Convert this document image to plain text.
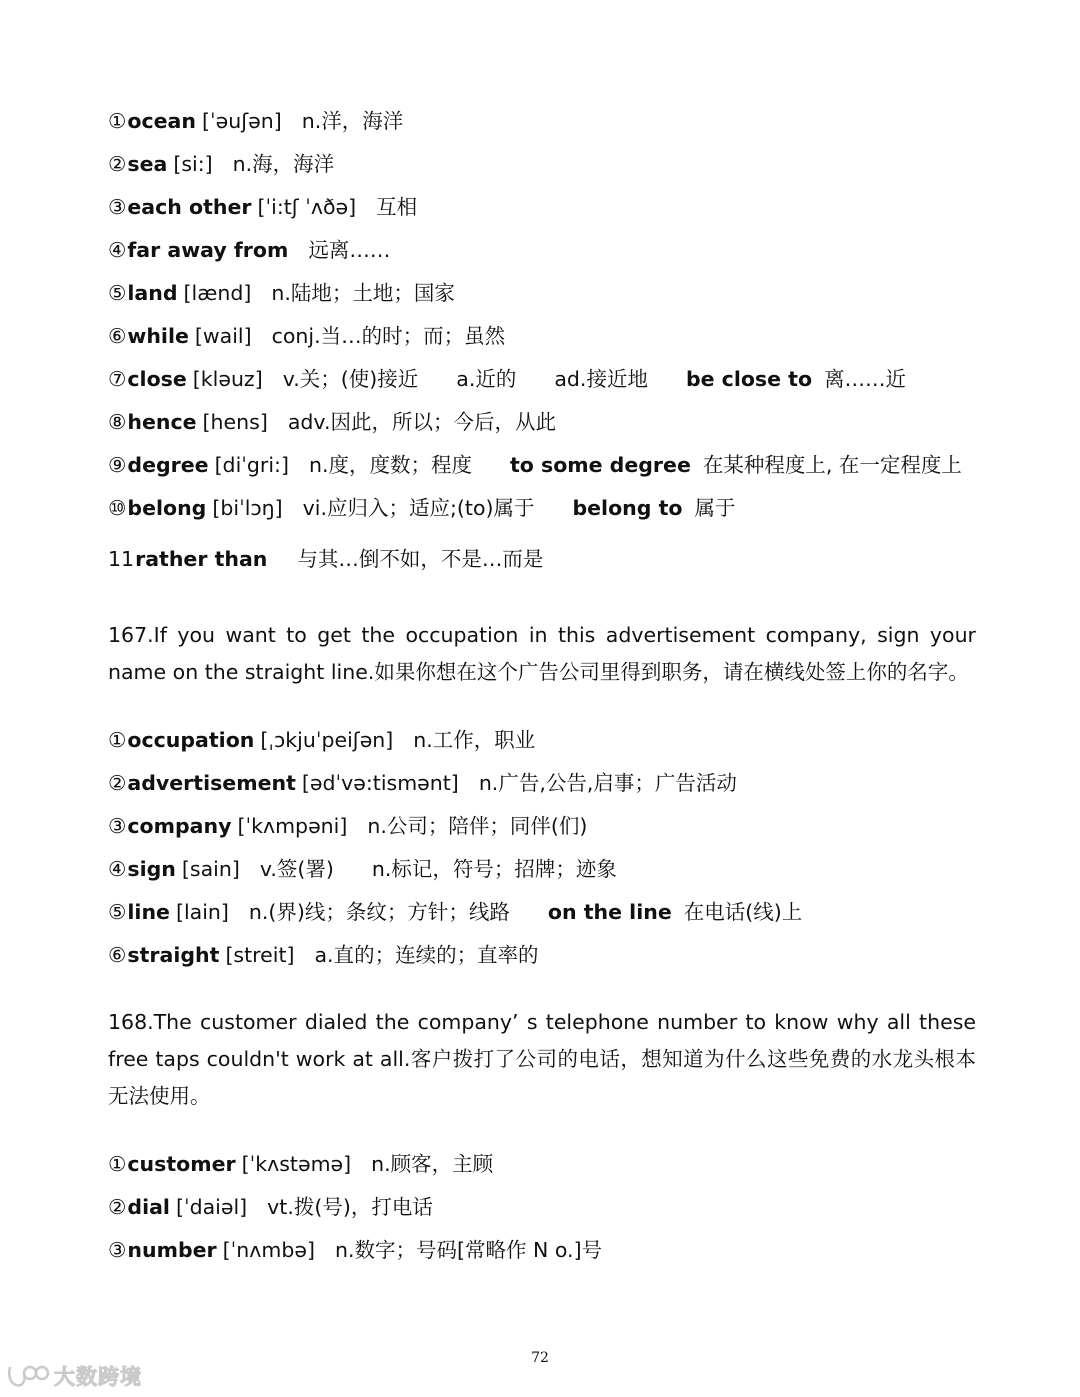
①ocean [ˈəuʃən] n.洋，海洋
②sea [si:] n.海，海洋
③each other [ˈi:tʃ ˈʌðə] 互相
④far away from 远离……
⑤land [lænd] n.陆地；土地；国家
⑥while [wail] conj.当…的时；而；虽然
⑦close [kləuz] v.关；(使)接近 a.近的 ad.接近地 be close to 离……近
⑧hence [hens] adv.因此，所以；今后，从此
⑨degree [diˈgri:] n.度，度数；程度 to some degree 在某种程度上, 在一定程度上
⑩belong [biˈlɔŋ] vi.应归入；适应;(to)属于 belong to 属于
11rather than 与其…倒不如，不是…而是
167.If you want to get the occupation in this advertisement company, sign your name on the straight line.如果你想在这个广告公司里得到职务，请在横线处签上你的名字。
①occupation [ˌɔkjuˈpeiʃən] n.工作，职业
②advertisement [ədˈvə:tismənt] n.广告,公告,启事；广告活动
③company [ˈkʌmpəni] n.公司；陪伴；同伴(们)
④sign [sain] v.签(署) n.标记，符号；招牌；迹象
⑤line [lain] n.(界)线；条纹；方针；线路 on the line 在电话(线)上
⑥straight [streit] a.直的；连续的；直率的
168.The customer dialed the company’ s telephone number to know why all these free taps couldn't work at all.客户拨打了公司的电话，想知道为什么这些免费的水龙头根本无法使用。
①customer [ˈkʌstəmə] n.顾客，主顾
②dial [ˈdaiəl] vt.拨(号)，打电话
③number [ˈnʌmbə] n.数字；号码[常略作 N o.]号
72
大数跨境
